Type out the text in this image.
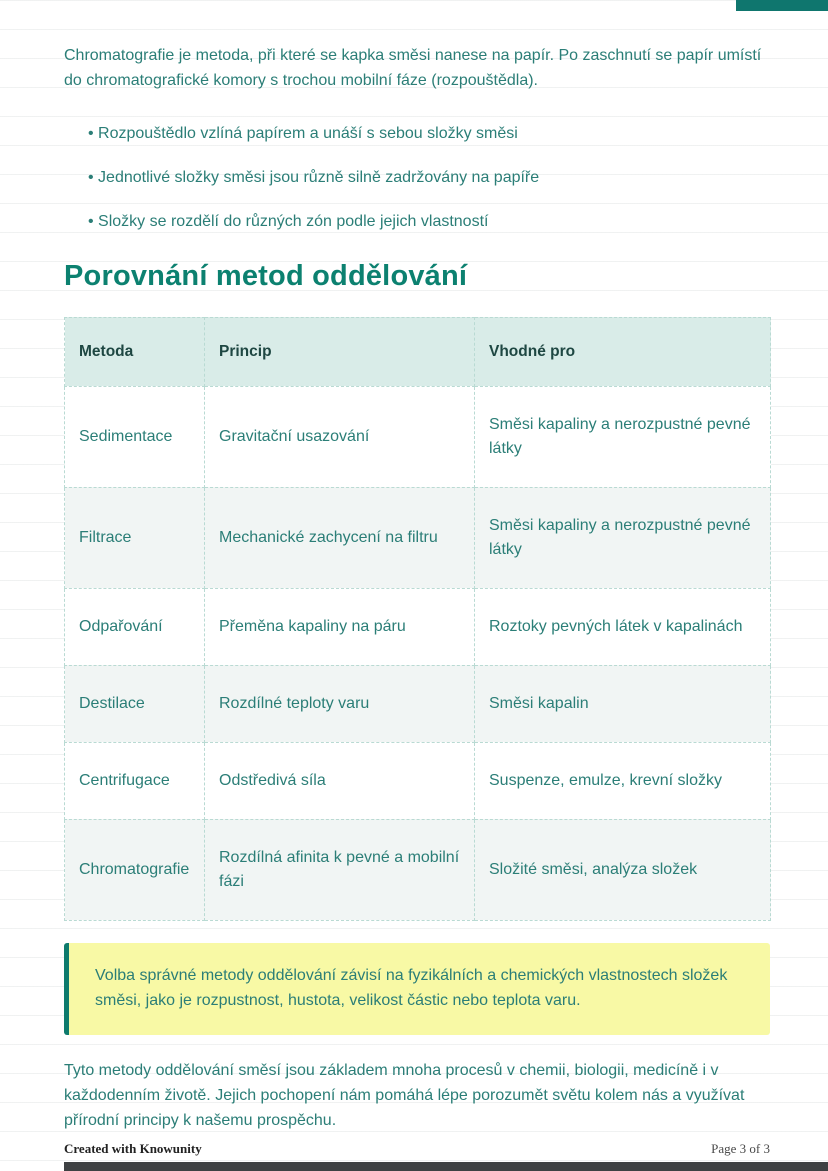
Chromatografie je metoda, při které se kapka směsi nanese na papír. Po zaschnutí se papír umístí do chromatografické komory s trochou mobilní fáze (rozpouštědla).

• Rozpouštědlo vzlíná papírem a unáší s sebou složky směsi
• Jednotlivé složky směsi jsou různě silně zadržovány na papíře
• Složky se rozdělí do různých zón podle jejich vlastností
Porovnání metod oddělování
Metoda	Princip	Vhodné pro
Sedimentace	Gravitační usazování	Směsi kapaliny a nerozpustné pevné látky
Filtrace	Mechanické zachycení na filtru	Směsi kapaliny a nerozpustné pevné látky
Odpařování	Přeměna kapaliny na páru	Roztoky pevných látek v kapalinách
Destilace	Rozdílné teploty varu	Směsi kapalin
Centrifugace	Odstředivá síla	Suspenze, emulze, krevní složky
Chromatografie	Rozdílná afinita k pevné a mobilní fázi	Složité směsi, analýza složek
Volba správné metody oddělování závisí na fyzikálních a chemických vlastnostech složek směsi, jako je rozpustnost, hustota, velikost částic nebo teplota varu.

Tyto metody oddělování směsí jsou základem mnoha procesů v chemii, biologii, medicíně i v každodenním životě. Jejich pochopení nám pomáhá lépe porozumět světu kolem nás a využívat přírodní principy k našemu prospěchu.

Created with Knowunity	Page 3 of 3
